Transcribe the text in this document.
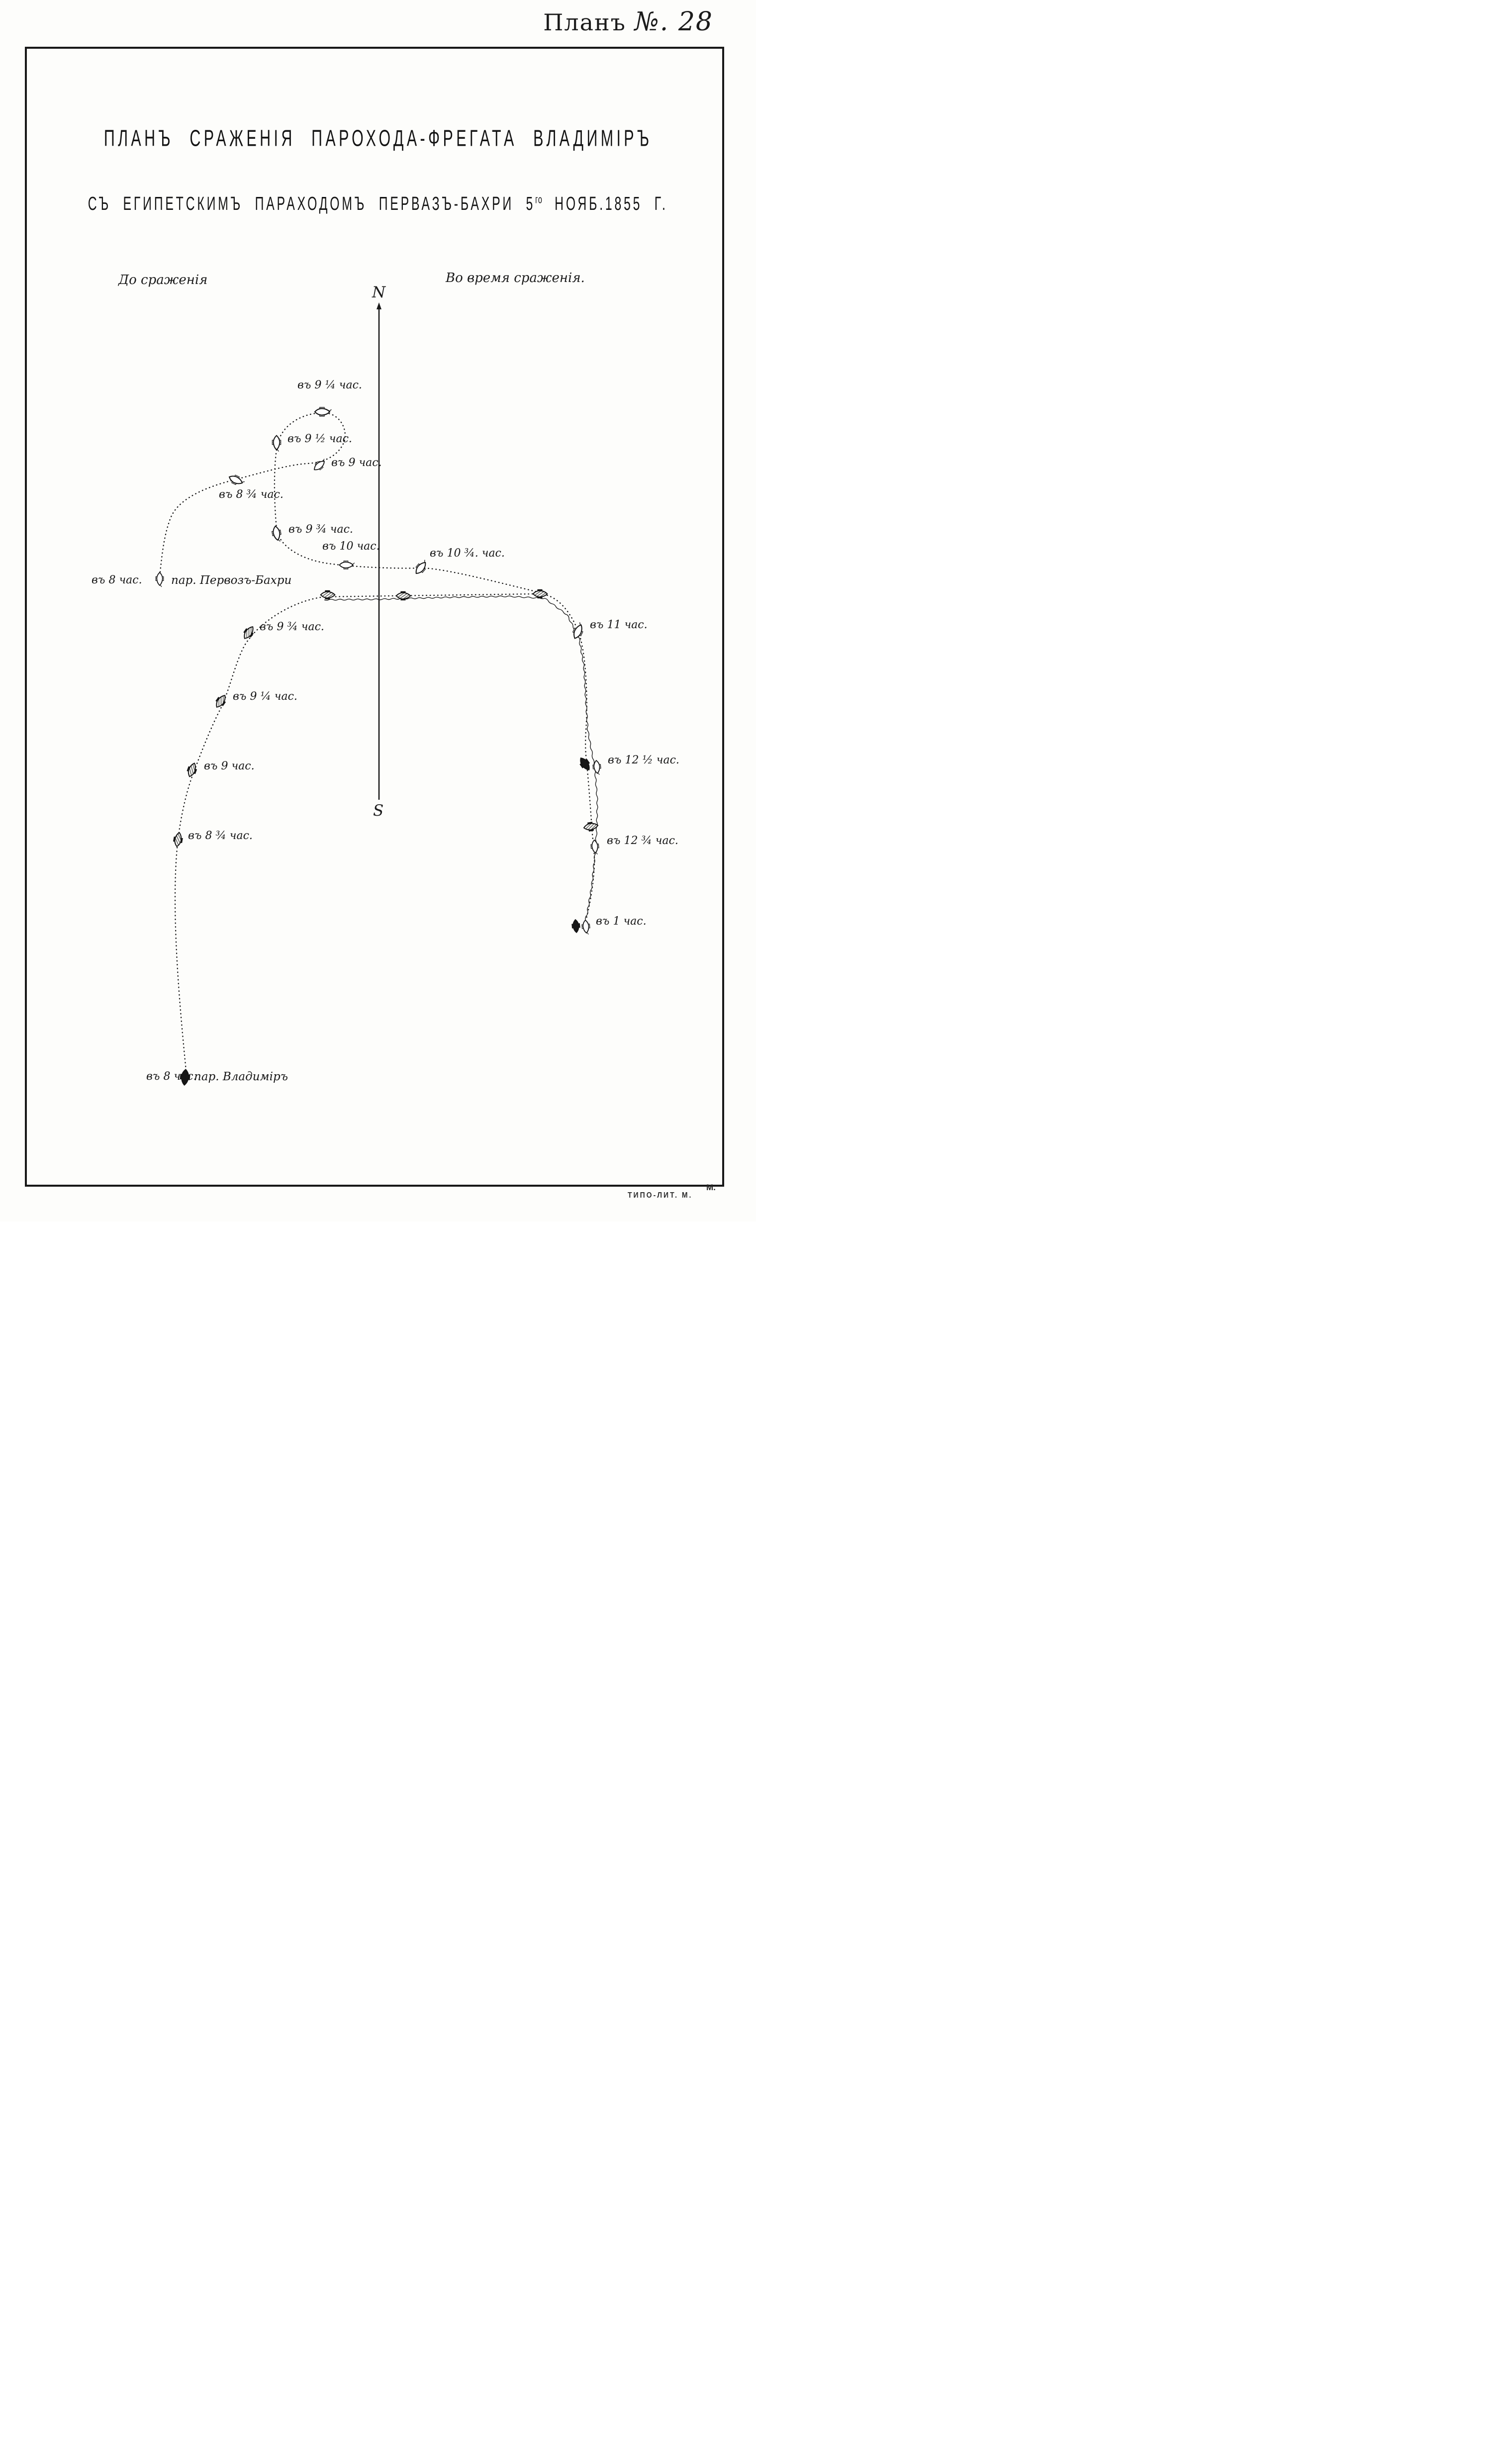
Планъ №. 28
ПЛАНЪ СРАЖЕНІЯ ПАРОХОДА-ФРЕГАТА ВЛАДИМІРЪ
СЪ ЕГИПЕТСКИМЪ ПАРАХОДОМЪ ПЕРВАЗЪ-БАХРИ $5^{го}$ НОЯБ.1855 Г.
До сраженія	Во время сраженія.
N
S
въ 9 ¼ час.
въ 9 ½ час.
въ 9 час.
въ 8 ¾ час.
въ 9 ¾ час.
въ 10 час.
въ 10 ¾. час.
въ 8 час.	пар. Первозъ-Бахри
въ 11 час.
въ 9 ¾ час.
въ 9 ¼ час.
въ 9 час.	въ 12 ½ час.
въ 8 ¾ час.	въ 12 ¾ час.
въ 1 час.
въ 8 час.
пар. Владимiръ
ТИПО-ЛИТ. М.
М.
